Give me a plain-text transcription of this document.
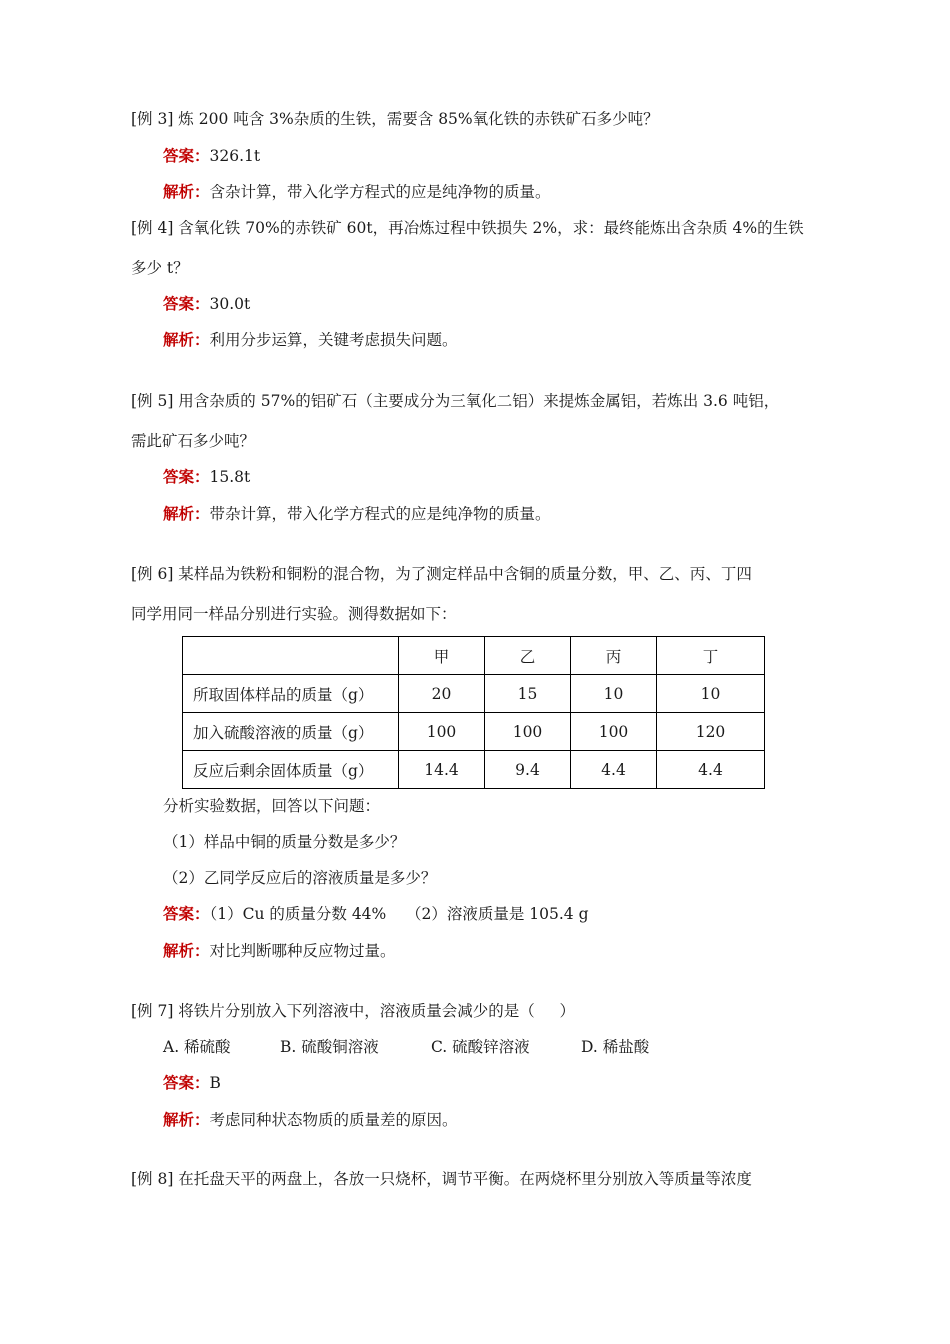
[例 3] 炼 200 吨含 3%杂质的生铁，需要含 85%氧化铁的赤铁矿石多少吨？
答案：326.1t
解析：含杂计算，带入化学方程式的应是纯净物的质量。
[例 4] 含氧化铁 70%的赤铁矿 60t，再冶炼过程中铁损失 2%，求：最终能炼出含杂质 4%的生铁
多少 t？
答案：30.0t
解析：利用分步运算，关键考虑损失问题。
[例 5] 用含杂质的 57%的铝矿石（主要成分为三氧化二铝）来提炼金属铝，若炼出 3.6 吨铝，
需此矿石多少吨？
答案：15.8t
解析：带杂计算，带入化学方程式的应是纯净物的质量。
[例 6] 某样品为铁粉和铜粉的混合物，为了测定样品中含铜的质量分数，甲、乙、丙、丁四
同学用同一样品分别进行实验。测得数据如下：
	甲	乙	丙	丁
所取固体样品的质量（g）	20	15	10	10
加入硫酸溶液的质量（g）	100	100	100	120
反应后剩余固体质量（g）	14.4	9.4	4.4	4.4
分析实验数据，回答以下问题：
（1）样品中铜的质量分数是多少？
（2）乙同学反应后的溶液质量是多少？
答案：（1）Cu 的质量分数 44%    （2）溶液质量是 105.4 g
解析：对比判断哪种反应物过量。
[例 7] 将铁片分别放入下列溶液中，溶液质量会减少的是（     ）
A. 稀硫酸	B. 硫酸铜溶液	C. 硫酸锌溶液	D. 稀盐酸
答案：B
解析：考虑同种状态物质的质量差的原因。
[例 8] 在托盘天平的两盘上，各放一只烧杯，调节平衡。在两烧杯里分别放入等质量等浓度
